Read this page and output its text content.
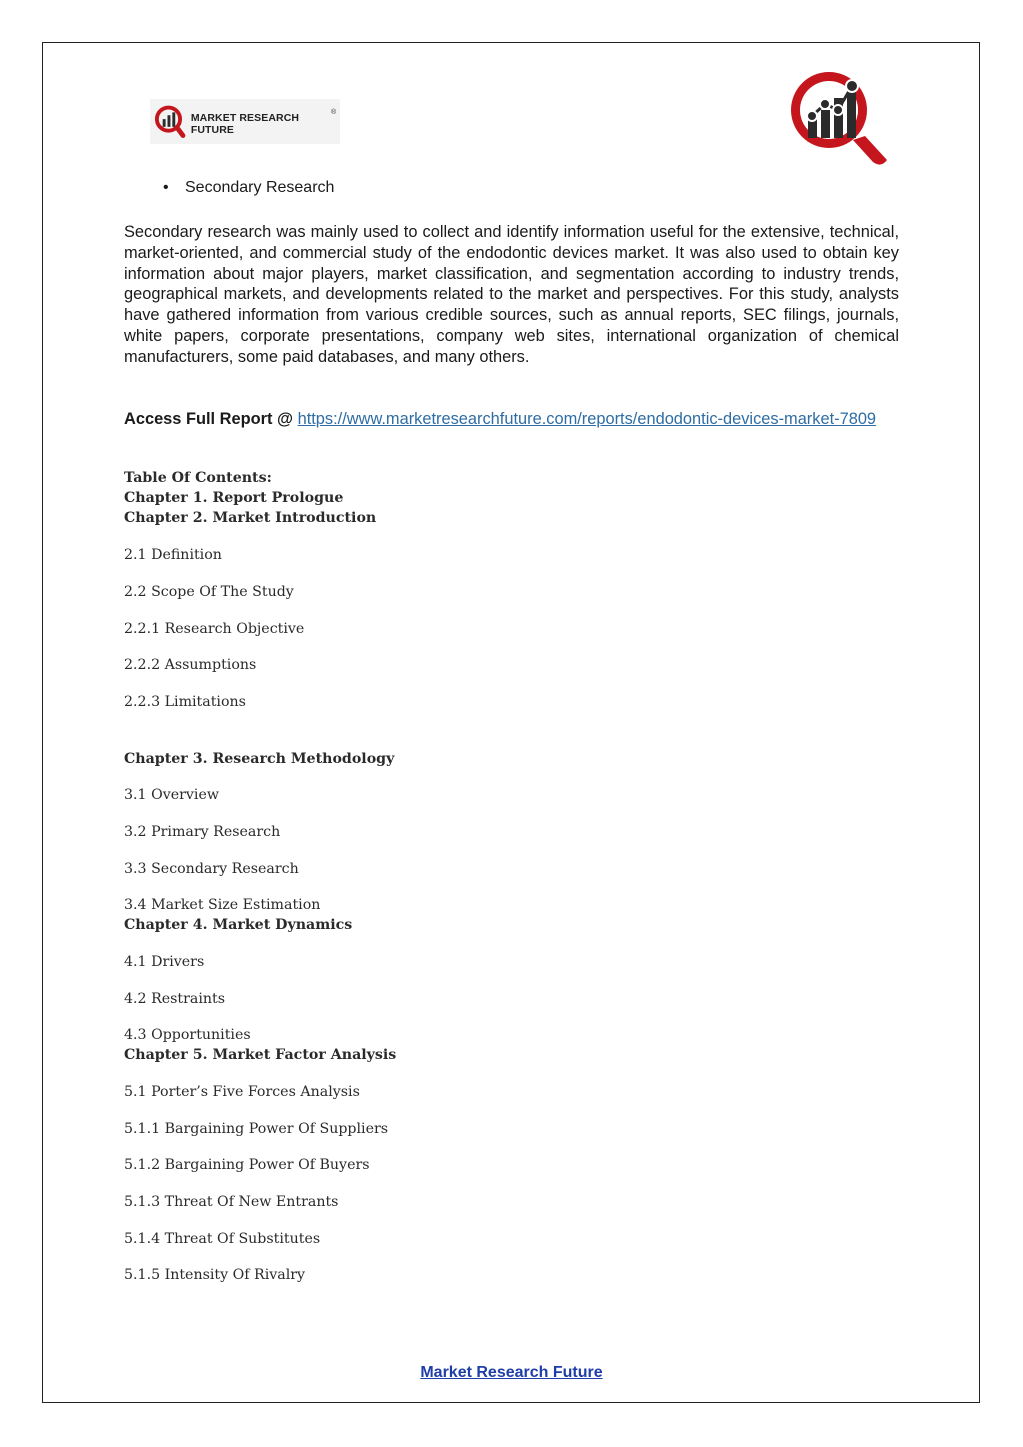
MARKET RESEARCH FUTURE
®
• Secondary Research
Secondary research was mainly used to collect and identify information useful for the extensive, technical, market-oriented, and commercial study of the endodontic devices market. It was also used to obtain key information about major players, market classification, and segmentation according to industry trends, geographical markets, and developments related to the market and perspectives. For this study, analysts have gathered information from various credible sources, such as annual reports, SEC filings, journals, white papers, corporate presentations, company web sites, international organization of chemical manufacturers, some paid databases, and many others.
Access Full Report @ https://www.marketresearchfuture.com/reports/endodontic-devices-market-7809
Table Of Contents:
Chapter 1. Report Prologue
Chapter 2. Market Introduction
2.1 Definition
2.2 Scope Of The Study
2.2.1 Research Objective
2.2.2 Assumptions
2.2.3 Limitations
Chapter 3. Research Methodology
3.1 Overview
3.2 Primary Research
3.3 Secondary Research
3.4 Market Size Estimation
Chapter 4. Market Dynamics
4.1 Drivers
4.2 Restraints
4.3 Opportunities
Chapter 5. Market Factor Analysis
5.1 Porter’s Five Forces Analysis
5.1.1 Bargaining Power Of Suppliers
5.1.2 Bargaining Power Of Buyers
5.1.3 Threat Of New Entrants
5.1.4 Threat Of Substitutes
5.1.5 Intensity Of Rivalry
Market Research Future
